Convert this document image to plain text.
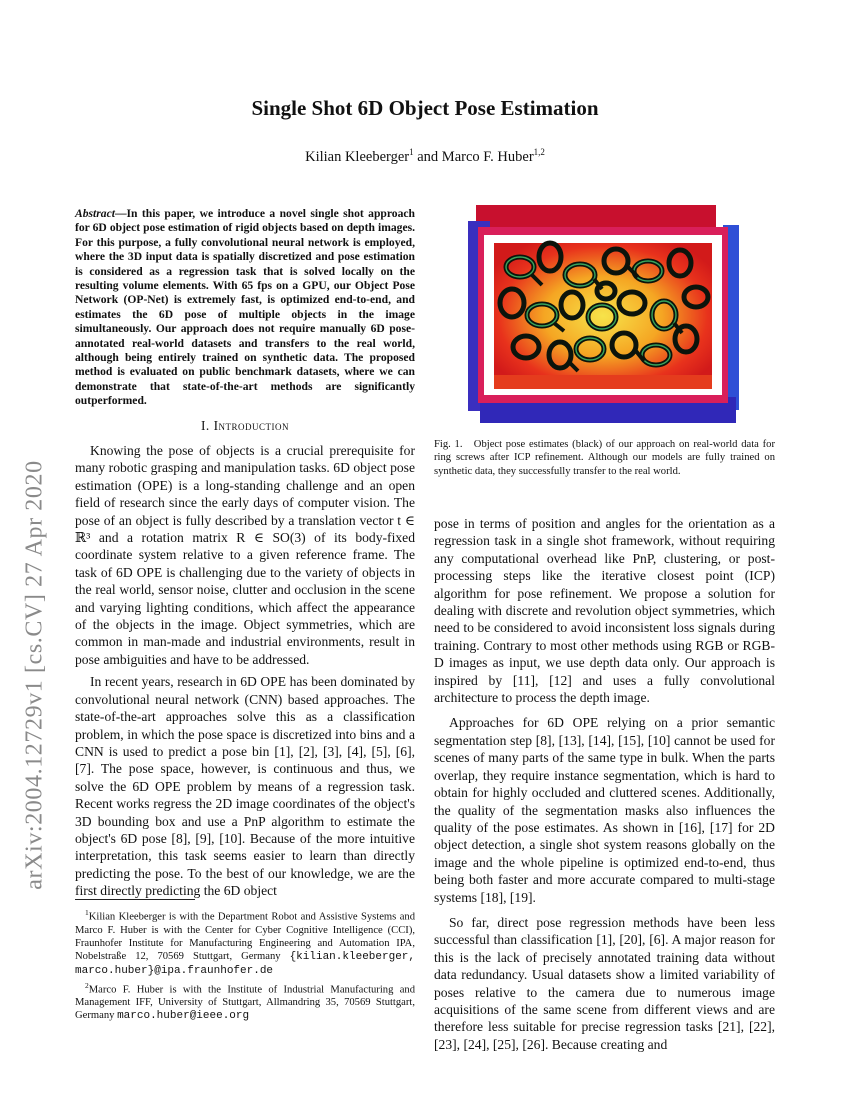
arXiv:2004.12729v1 [cs.CV] 27 Apr 2020
Single Shot 6D Object Pose Estimation
Kilian Kleeberger$^1$ and Marco F. Huber$^{1,2}$
Abstract—In this paper, we introduce a novel single shot approach for 6D object pose estimation of rigid objects based on depth images. For this purpose, a fully convolutional neural network is employed, where the 3D input data is spatially discretized and pose estimation is considered as a regression task that is solved locally on the resulting volume elements. With 65 fps on a GPU, our Object Pose Network (OP-Net) is extremely fast, is optimized end-to-end, and estimates the 6D pose of multiple objects in the image simultaneously. Our approach does not require manually 6D pose-annotated real-world datasets and transfers to the real world, although being entirely trained on synthetic data. The proposed method is evaluated on public benchmark datasets, where we can demonstrate that state-of-the-art methods are significantly outperformed.
I. Introduction

Knowing the pose of objects is a crucial prerequisite for many robotic grasping and manipulation tasks. 6D object pose estimation (OPE) is a long-standing challenge and an open field of research since the early days of computer vision. The pose of an object is fully described by a translation vector t ∈ ℝ³ and a rotation matrix R ∈ SO(3) of its body-fixed coordinate system relative to a given reference frame. The task of 6D OPE is challenging due to the variety of objects in the real world, sensor noise, clutter and occlusion in the scene and varying lighting conditions, which affect the appearance of the objects in the image. Object symmetries, which are common in man-made and industrial environments, result in pose ambiguities and have to be addressed.

In recent years, research in 6D OPE has been dominated by convolutional neural network (CNN) based approaches. The state-of-the-art approaches solve this as a classification problem, in which the pose space is discretized into bins and a CNN is used to predict a pose bin [1], [2], [3], [4], [5], [6], [7]. The pose space, however, is continuous and thus, we solve the 6D OPE problem by means of a regression task. Recent works regress the 2D image coordinates of the object's 3D bounding box and use a PnP algorithm to estimate the object's 6D pose [8], [9], [10]. Because of the more intuitive interpretation, this task seems easier to learn than directly predicting the pose. To the best of our knowledge, we are the first directly predicting the 6D object

$^1$Kilian Kleeberger is with the Department Robot and Assistive Systems and Marco F. Huber is with the Center for Cyber Cognitive Intelligence (CCI), Fraunhofer Institute for Manufacturing Engineering and Automation IPA, Nobelstraße 12, 70569 Stuttgart, Germany {kilian.kleeberger, marco.huber}@ipa.fraunhofer.de

$^2$Marco F. Huber is with the Institute of Industrial Manufacturing and Management IFF, University of Stuttgart, Allmandring 35, 70569 Stuttgart, Germany marco.huber@ieee.org

Fig. 1. Object pose estimates (black) of our approach on real-world data for ring screws after ICP refinement. Although our models are fully trained on synthetic data, they successfully transfer to the real world.

pose in terms of position and angles for the orientation as a regression task in a single shot framework, without requiring any computational overhead like PnP, clustering, or post-processing steps like the iterative closest point (ICP) algorithm for pose refinement. We propose a solution for dealing with discrete and revolution object symmetries, which need to be considered to avoid inconsistent loss signals during training. Contrary to most other methods using RGB or RGB-D images as input, we use depth data only. Our approach is inspired by [11], [12] and uses a fully convolutional architecture to process the depth image.

Approaches for 6D OPE relying on a prior semantic segmentation step [8], [13], [14], [15], [10] cannot be used for scenes of many parts of the same type in bulk. When the parts overlap, they require instance segmentation, which is hard to obtain for highly occluded and cluttered scenes. Additionally, the quality of the segmentation masks also influences the quality of the pose estimates. As shown in [16], [17] for 2D object detection, a single shot system reasons globally on the image and the whole pipeline is optimized end-to-end, thus being both faster and more accurate compared to multi-stage systems [18], [19].

So far, direct pose regression methods have been less successful than classification [1], [20], [6]. A major reason for this is the lack of precisely annotated training data without data redundancy. Usual datasets show a limited variability of poses relative to the camera due to numerous image acquisitions of the same scene from different views and are therefore less suitable for precise regression tasks [21], [22], [23], [24], [25], [26]. Because creating and
